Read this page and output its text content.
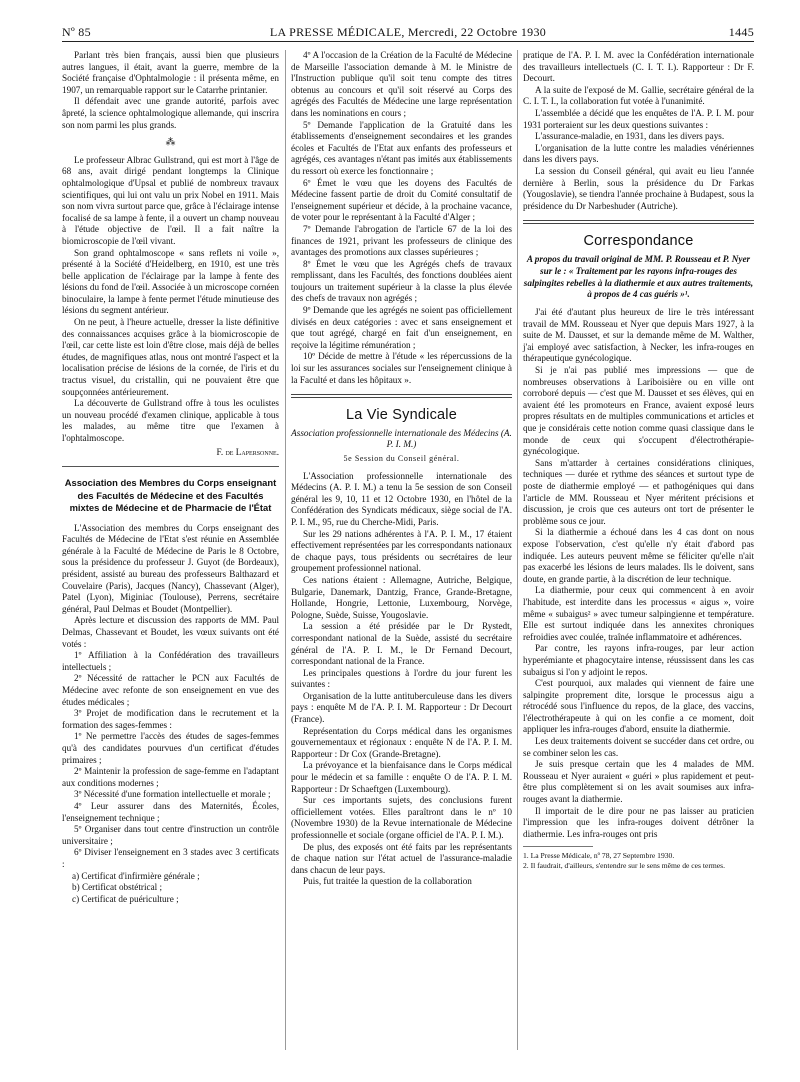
Nº 85	LA PRESSE MÉDICALE, Mercredi, 22 Octobre 1930	1445

Parlant très bien français, aussi bien que plusieurs autres langues, il était, avant la guerre, membre de la Société française d'Ophtalmologie : il présenta même, en 1907, un remarquable rapport sur le Catarrhe printanier.

Il défendait avec une grande autorité, parfois avec âpreté, la science ophtalmologique allemande, qui inscrira son nom parmi les plus grands.

⁂

Le professeur Albrac Gullstrand, qui est mort à l'âge de 68 ans, avait dirigé pendant longtemps la Clinique ophtalmologique d'Upsal et publié de nombreux travaux scientifiques, qui lui ont valu un prix Nobel en 1911. Mais son nom vivra surtout parce que, grâce à l'éclairage intense focalisé de sa lampe à fente, il a ouvert un champ nouveau à l'étude objective de l'œil. Il a fait naître la biomicroscopie de l'œil vivant.

Son grand ophtalmoscope « sans reflets ni voile », présenté à la Société d'Heidelberg, en 1910, est une très belle application de l'éclairage par la lampe à fente des lésions du fond de l'œil. Associée à un microscope cornéen binoculaire, la lampe à fente permet l'étude minutieuse des lésions du segment antérieur.

On ne peut, à l'heure actuelle, dresser la liste définitive des connaissances acquises grâce à la biomicroscopie de l'œil, car cette liste est loin d'être close, mais déjà de belles études, de magnifiques atlas, nous ont montré l'aspect et la localisation précise de lésions de la cornée, de l'iris et du tractus visuel, du cristallin, qui ne pouvaient être que soupçonnées antérieurement.

La découverte de Gullstrand offre à tous les oculistes un nouveau procédé d'examen clinique, applicable à tous les malades, au même titre que l'examen à l'ophtalmoscope.

F. de Lapersonne.
Association des Membres du Corps enseignant des Facultés de Médecine et des Facultés mixtes de Médecine et de Pharmacie de l'État

L'Association des membres du Corps enseignant des Facultés de Médecine de l'Etat s'est réunie en Assemblée générale à la Faculté de Médecine de Paris le 8 Octobre, sous la présidence du professeur J. Guyot (de Bordeaux), président, assisté au bureau des professeurs Balthazard et Couvelaire (Paris), Jacques (Nancy), Chassevant (Alger), Patel (Lyon), Miginiac (Toulouse), Perrens, secrétaire général, Paul Delmas et Boudet (Montpellier).

Après lecture et discussion des rapports de MM. Paul Delmas, Chassevant et Boudet, les vœux suivants ont été votés :

1º Affiliation à la Confédération des travailleurs intellectuels ;

2º Nécessité de rattacher le PCN aux Facultés de Médecine avec refonte de son enseignement en vue des études médicales ;

3º Projet de modification dans le recrutement et la formation des sages-femmes :

1º Ne permettre l'accès des études de sages-femmes qu'à des candidates pourvues d'un certificat d'études primaires ;

2º Maintenir la profession de sage-femme en l'adaptant aux conditions modernes ;

3º Nécessité d'une formation intellectuelle et morale ;

4º Leur assurer dans des Maternités, Écoles, l'enseignement technique ;

5º Organiser dans tout centre d'instruction un contrôle universitaire ;

6º Diviser l'enseignement en 3 stades avec 3 certificats :

a) Certificat d'infirmière générale ;

b) Certificat obstétrical ;

c) Certificat de puériculture ;

4º A l'occasion de la Création de la Faculté de Médecine de Marseille l'association demande à M. le Ministre de l'Instruction publique qu'il soit tenu compte des titres obtenus au concours et qu'il soit réservé au Corps des agrégés des Facultés de Médecine une large représentation dans les nominations en cours ;

5º Demande l'application de la Gratuité dans les établissements d'enseignement secondaires et les grandes écoles et Facultés de l'Etat aux enfants des professeurs et agrégés, ces avantages n'étant pas imités aux établissements du ressort où exerce les fonctionnaire ;

6º Émet le vœu que les doyens des Facultés de Médecine fassent partie de droit du Comité consultatif de l'enseignement supérieur et décide, à la prochaine vacance, de voter pour le représentant à la Faculté d'Alger ;

7º Demande l'abrogation de l'article 67 de la loi des finances de 1921, privant les professeurs de clinique des avantages des promotions aux classes supérieures ;

8º Émet le vœu que les Agrégés chefs de travaux remplissant, dans les Facultés, des fonctions doublées aient toujours un traitement supérieur à la classe la plus élevée des chefs de travaux non agrégés ;

9º Demande que les agrégés ne soient pas officiellement divisés en deux catégories : avec et sans enseignement et que tout agrégé, chargé en fait d'un enseignement, en reçoive la légitime rémunération ;

10º Décide de mettre à l'étude « les répercussions de la loi sur les assurances sociales sur l'enseignement clinique à la Faculté et dans les hôpitaux ».

La Vie Syndicale
Association professionnelle internationale des Médecins (A. P. I. M.)
5e Session du Conseil général.

L'Association professionnelle internationale des Médecins (A. P. I. M.) a tenu la 5e session de son Conseil général les 9, 10, 11 et 12 Octobre 1930, en l'hôtel de la Confédération des Syndicats médicaux, siège social de l'A. P. I. M., 95, rue du Cherche-Midi, Paris.

Sur les 29 nations adhérentes à l'A. P. I. M., 17 étaient effectivement représentées par les correspondants nationaux de chaque pays, tous présidents ou secrétaires de leur groupement professionnel national.

Ces nations étaient : Allemagne, Autriche, Belgique, Bulgarie, Danemark, Dantzig, France, Grande-Bretagne, Hollande, Hongrie, Lettonie, Luxembourg, Norvège, Pologne, Suède, Suisse, Yougoslavie.

La session a été présidée par le Dr Rystedt, correspondant national de la Suède, assisté du secrétaire général de l'A. P. I. M., le Dr Fernand Decourt, correspondant national de la France.

Les principales questions à l'ordre du jour furent les suivantes :

Organisation de la lutte antituberculeuse dans les divers pays : enquête M de l'A. P. I. M. Rapporteur : Dr Decourt (France).

Représentation du Corps médical dans les organismes gouvernementaux et régionaux : enquête N de l'A. P. I. M. Rapporteur : Dr Cox (Grande-Bretagne).

La prévoyance et la bienfaisance dans le Corps médical pour le médecin et sa famille : enquête O de l'A. P. I. M. Rapporteur : Dr Schaeftgen (Luxembourg).

Sur ces importants sujets, des conclusions furent officiellement votées. Elles paraîtront dans le nº 10 (Novembre 1930) de la Revue internationale de Médecine professionnelle et sociale (organe officiel de l'A. P. I. M.).

De plus, des exposés ont été faits par les représentants de chaque nation sur l'état actuel de l'assurance-maladie dans chacun de leur pays.

Puis, fut traitée la question de la collaboration

pratique de l'A. P. I. M. avec la Confédération internationale des travailleurs intellectuels (C. I. T. I.). Rapporteur : Dr F. Decourt.

A la suite de l'exposé de M. Gallie, secrétaire général de la C. I. T. I., la collaboration fut votée à l'unanimité.

L'assemblée a décidé que les enquêtes de l'A. P. I. M. pour 1931 porteraient sur les deux questions suivantes :

L'assurance-maladie, en 1931, dans les divers pays.

L'organisation de la lutte contre les maladies vénériennes dans les divers pays.

La session du Conseil général, qui avait eu lieu l'année dernière à Berlin, sous la présidence du Dr Farkas (Yougoslavie), se tiendra l'année prochaine à Budapest, sous la présidence du Dr Narbeshuder (Autriche).

Correspondance
A propos du travail original de MM. P. Rousseau et P. Nyer sur le : « Traitement par les rayons infra-rouges des salpingites rebelles à la diathermie et aux autres traitements, à propos de 4 cas guéris »¹.

J'ai été d'autant plus heureux de lire le très intéressant travail de MM. Rousseau et Nyer que depuis Mars 1927, à la suite de M. Dausset, et sur la demande même de M. Walther, j'ai employé avec satisfaction, à Necker, les infra-rouges en thérapeutique gynécologique.

Si je n'ai pas publié mes impressions — que de nombreuses observations à Lariboisière ou en ville ont corroboré depuis — c'est que M. Dausset et ses élèves, qui en avaient été les promoteurs en France, avaient exposé leurs propres résultats en de multiples communications et articles et que je considérais cette notion comme quasi classique dans le monde de ceux qui s'occupent d'électrothérapie-gynécologique.

Sans m'attarder à certaines considérations cliniques, techniques — durée et rythme des séances et surtout type de poste de diathermie employé — et pathogéniques qui dans l'article de MM. Rousseau et Nyer méritent précisions et discussion, je crois que ces auteurs ont tort de présenter le problème sous ce jour.

Si la diathermie a échoué dans les 4 cas dont on nous expose l'observation, c'est qu'elle n'y était d'abord pas indiquée. Les auteurs peuvent même se féliciter qu'elle n'ait pas exacerbé les lésions de leurs malades. Ils le doivent, sans doute, en grande partie, à la discrétion de leur technique.

La diathermie, pour ceux qui commencent à en avoir l'habitude, est interdite dans les processus « aigus », voire même « subaigus² » avec tumeur salpingienne et température. Elle est surtout indiquée dans les annexites chroniques refroidies avec coulée, traînée inflammatoire et adhérences.

Par contre, les rayons infra-rouges, par leur action hyperémiante et phagocytaire intense, réussissent dans les cas subaigus si l'on y adjoint le repos.

C'est pourquoi, aux malades qui viennent de faire une salpingite proprement dite, lorsque le processus aigu a rétrocédé sous l'influence du repos, de la glace, des vaccins, l'électrothérapeute à qui on les confie a ce moment, doit appliquer les infra-rouges d'abord, ensuite la diathermie.

Les deux traitements doivent se succéder dans cet ordre, ou se combiner selon les cas.

Je suis presque certain que les 4 malades de MM. Rousseau et Nyer auraient « guéri » plus rapidement et peut-être plus complètement si on les avait soumises aux infra-rouges avant la diathermie.

Il importait de le dire pour ne pas laisser au praticien l'impression que les infra-rouges doivent détrôner la diathermie. Les infra-rouges ont pris

1. La Presse Médicale, nº 78, 27 Septembre 1930.
2. Il faudrait, d'ailleurs, s'entendre sur le sens même de ces termes.
